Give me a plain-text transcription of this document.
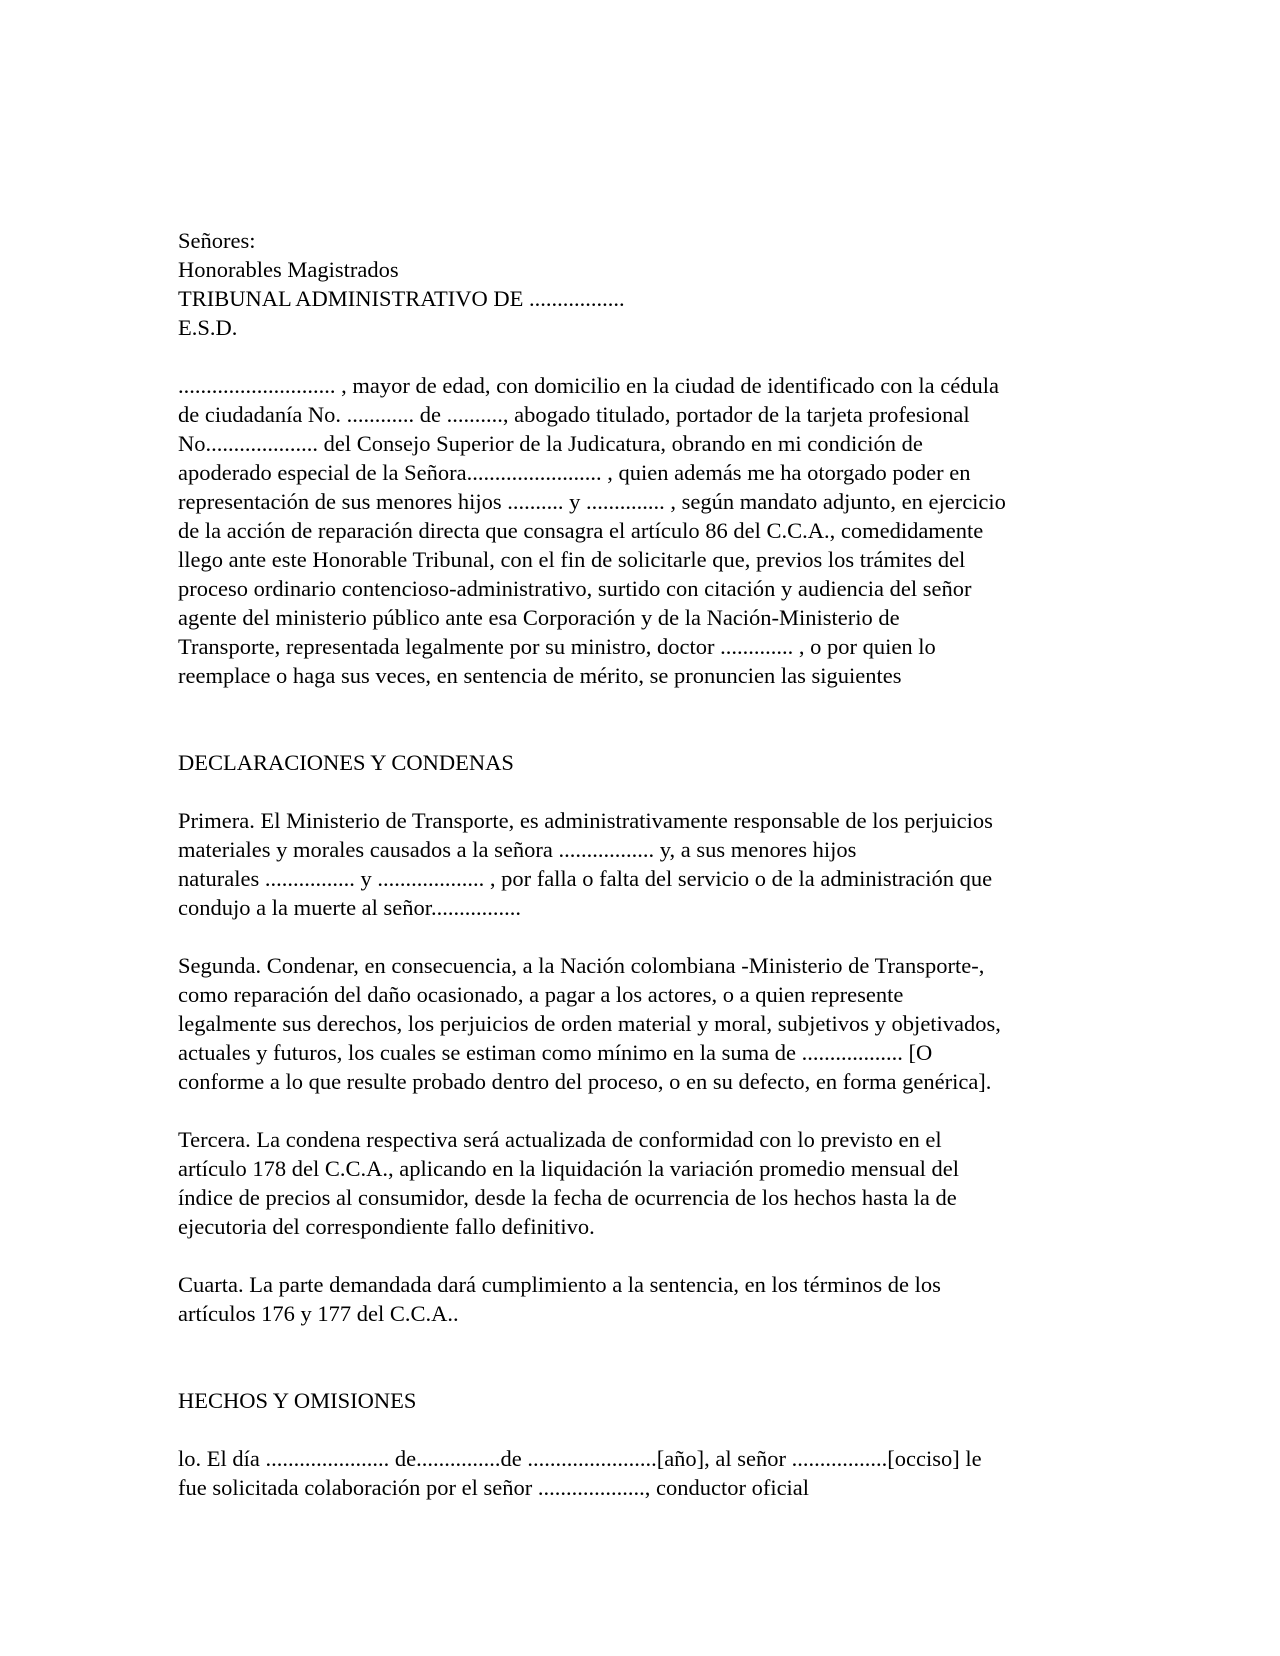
Señores:
Honorables Magistrados
TRIBUNAL ADMINISTRATIVO DE .................
E.S.D.
............................ , mayor de edad, con domicilio en la ciudad de identificado con la cédula
de ciudadanía No. ............ de .........., abogado titulado, portador de la tarjeta profesional
No.................... del Consejo Superior de la Judicatura, obrando en mi condición de
apoderado especial de la Señora........................ , quien además me ha otorgado poder en
representación de sus menores hijos .......... y .............. , según mandato adjunto, en ejercicio
de la acción de reparación directa que consagra el artículo 86 del C.C.A., comedidamente
llego ante este Honorable Tribunal, con el fin de solicitarle que, previos los trámites del
proceso ordinario contencioso-administrativo, surtido con citación y audiencia del señor
agente del ministerio público ante esa Corporación y de la Nación-Ministerio de
Transporte, representada legalmente por su ministro, doctor ............. , o por quien lo
reemplace o haga sus veces, en sentencia de mérito, se pronuncien las siguientes
DECLARACIONES Y CONDENAS
Primera. El Ministerio de Transporte, es administrativamente responsable de los perjuicios
materiales y morales causados a la señora ................. y, a sus menores hijos
naturales ................ y ................... , por falla o falta del servicio o de la administración que
condujo a la muerte al señor................
Segunda. Condenar, en consecuencia, a la Nación colombiana -Ministerio de Transporte-,
como reparación del daño ocasionado, a pagar a los actores, o a quien represente
legalmente sus derechos, los perjuicios de orden material y moral, subjetivos y objetivados,
actuales y futuros, los cuales se estiman como mínimo en la suma de .................. [O
conforme a lo que resulte probado dentro del proceso, o en su defecto, en forma genérica].
Tercera. La condena respectiva será actualizada de conformidad con lo previsto en el
artículo 178 del C.C.A., aplicando en la liquidación la variación promedio mensual del
índice de precios al consumidor, desde la fecha de ocurrencia de los hechos hasta la de
ejecutoria del correspondiente fallo definitivo.
Cuarta. La parte demandada dará cumplimiento a la sentencia, en los términos de los
artículos 176 y 177 del C.C.A..
HECHOS Y OMISIONES
lo. El día ...................... de...............de .......................[año], al señor .................[occiso] le
fue solicitada colaboración por el señor ..................., conductor oficial
